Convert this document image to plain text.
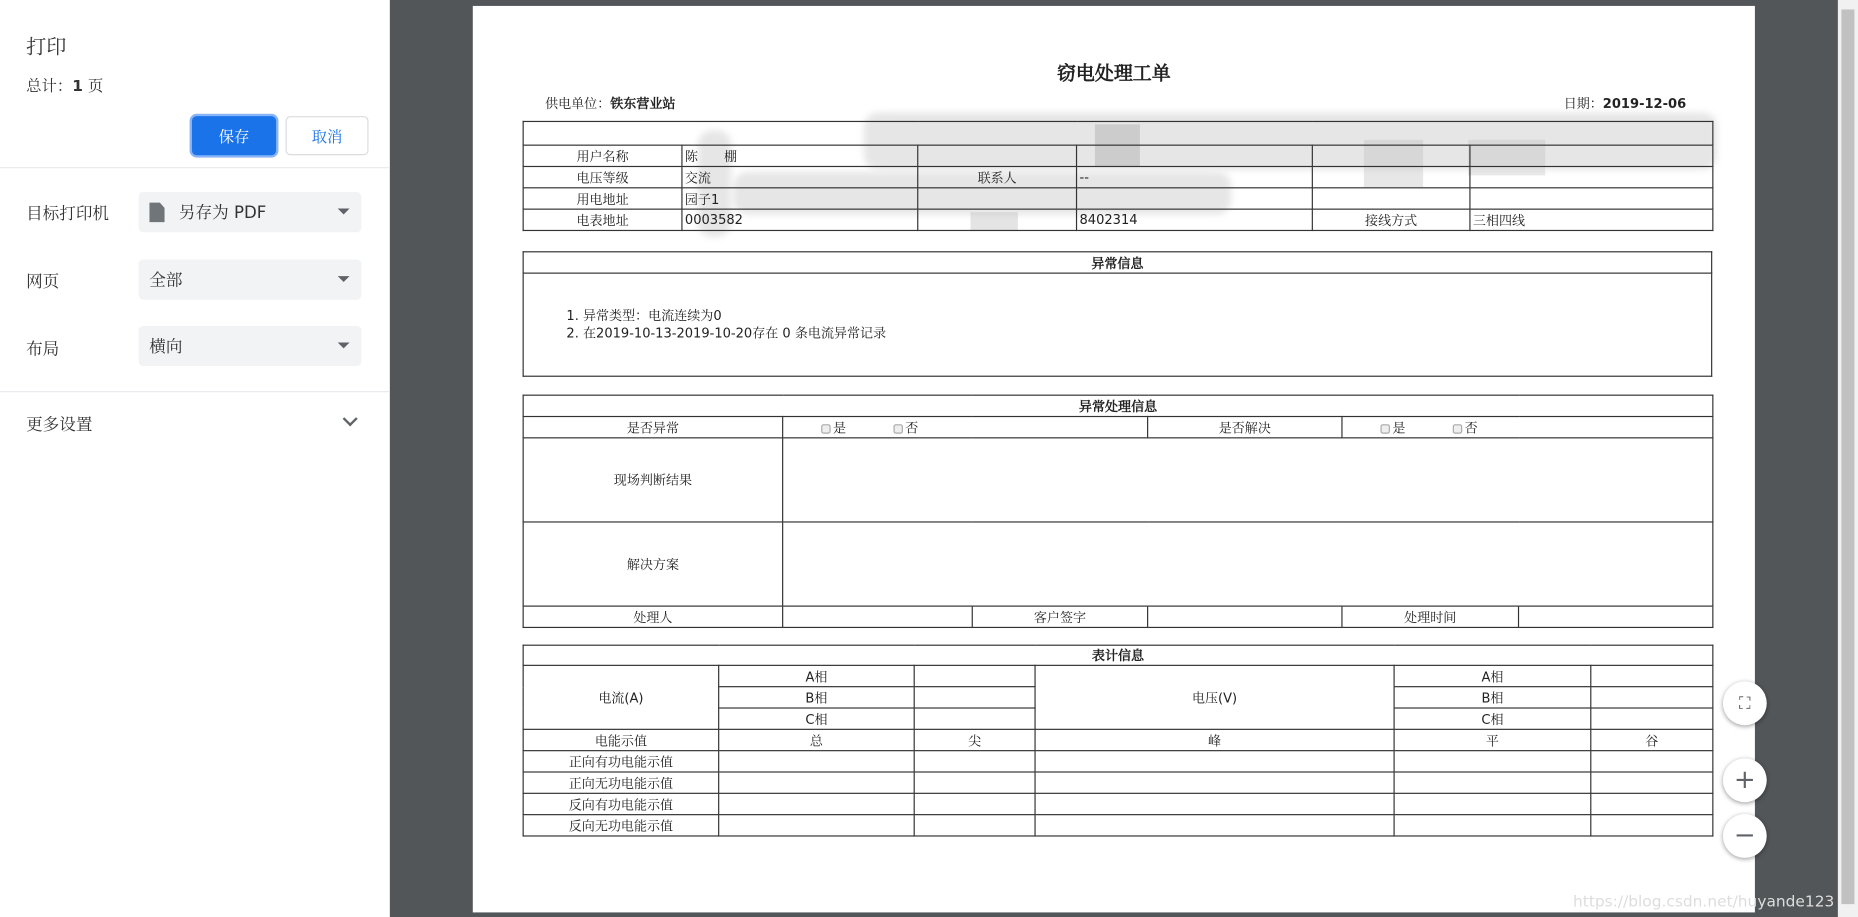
打印
总计：1 页
保存	取消
目标打印机	另存为 PDF
网页	全部
布局	横向
更多设置
窃电处理工单
供电单位：铁东营业站	日期：2019-12-06

用户名称	陈　　棚				
电压等级	交流	联系人	--		
用电地址	园子1				
电表地址	0003582		8402314	接线方式	三相四线
异常信息

1. 异常类型：电流连续为0
2. 在2019-10-13-2019-10-20存在 0 条电流异常记录
异常处理信息					
是否异常	是 否		是否解决	是 否	
现场判断结果					
解决方案					
处理人		客户签字		处理时间	
表计信息					
电流(A)	A相		电压(V)	A相	
	B相			B相	
	C相			C相	
电能示值	总	尖	峰	平	谷
正向有功电能示值					
正向无功电能示值					
反向有功电能示值					
反向无功电能示值					
⛶
+
−
https://blog.csdn.net/huyande123
